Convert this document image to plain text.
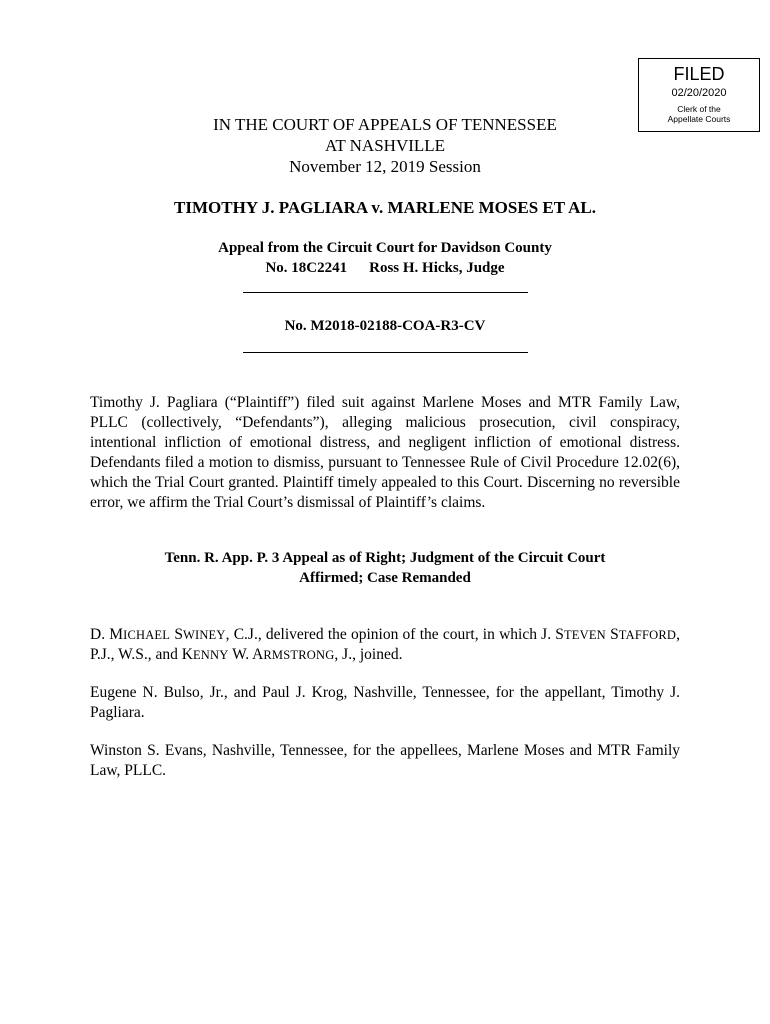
FILED
02/20/2020
Clerk of the
Appellate Courts
IN THE COURT OF APPEALS OF TENNESSEE
AT NASHVILLE
November 12, 2019 Session
TIMOTHY J. PAGLIARA v. MARLENE MOSES ET AL.
Appeal from the Circuit Court for Davidson County
No. 18C2241 Ross H. Hicks, Judge
No. M2018-02188-COA-R3-CV
Timothy J. Pagliara (“Plaintiff”) filed suit against Marlene Moses and MTR Family Law, PLLC (collectively, “Defendants”), alleging malicious prosecution, civil conspiracy, intentional infliction of emotional distress, and negligent infliction of emotional distress. Defendants filed a motion to dismiss, pursuant to Tennessee Rule of Civil Procedure 12.02(6), which the Trial Court granted. Plaintiff timely appealed to this Court. Discerning no reversible error, we affirm the Trial Court’s dismissal of Plaintiff’s claims.
Tenn. R. App. P. 3 Appeal as of Right; Judgment of the Circuit Court
Affirmed; Case Remanded
D. MICHAEL SWINEY, C.J., delivered the opinion of the court, in which J. STEVEN STAFFORD, P.J., W.S., and KENNY W. ARMSTRONG, J., joined.
Eugene N. Bulso, Jr., and Paul J. Krog, Nashville, Tennessee, for the appellant, Timothy J. Pagliara.
Winston S. Evans, Nashville, Tennessee, for the appellees, Marlene Moses and MTR Family Law, PLLC.
